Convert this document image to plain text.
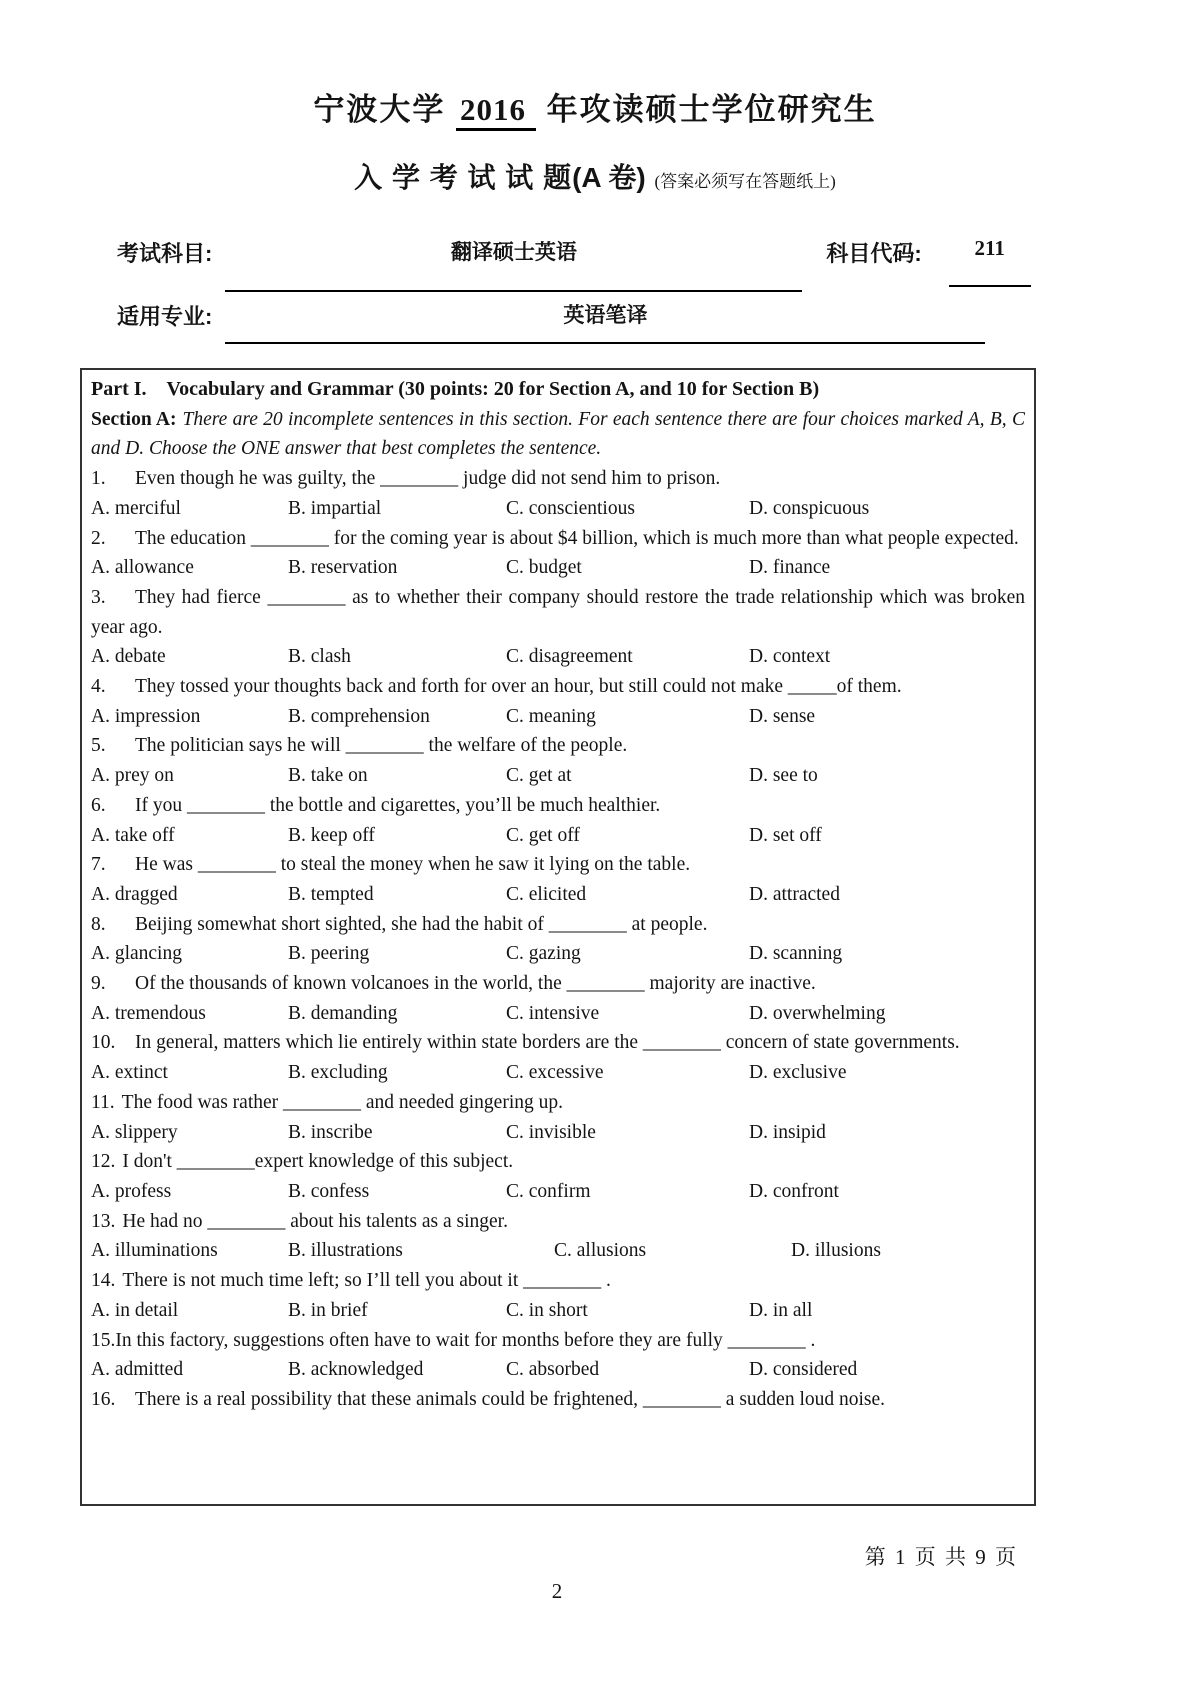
宁波大学 2016 年攻读硕士学位研究生
入 学 考 试 试 题(A 卷) (答案必须写在答题纸上)
考试科目:	翻译硕士英语	科目代码:	211
适用专业:	英语笔译

Part I. Vocabulary and Grammar (30 points: 20 for Section A, and 10 for Section B)

Section A: There are 20 incomplete sentences in this section. For each sentence there are four choices marked A, B, C and D. Choose the ONE answer that best completes the sentence.

1. Even though he was guilty, the ________ judge did not send him to prison.

A. merciful	B. impartial	C. conscientious	D. conspicuous

2. The education ________ for the coming year is about $4 billion, which is much more than what people expected.

A. allowance	B. reservation	C. budget	D. finance

3. They had fierce ________ as to whether their company should restore the trade relationship which was broken year ago.

A. debate	B. clash	C. disagreement	D. context

4. They tossed your thoughts back and forth for over an hour, but still could not make _____of them.

A. impression	B. comprehension	C. meaning	D. sense

5. The politician says he will ________ the welfare of the people.

A. prey on	B. take on	C. get at	D. see to

6. If you ________ the bottle and cigarettes, you’ll be much healthier.

A. take off	B. keep off	C. get off	D. set off

7. He was ________ to steal the money when he saw it lying on the table.

A. dragged	B. tempted	C. elicited	D. attracted

8. Beijing somewhat short sighted, she had the habit of ________ at people.

A. glancing	B. peering	C. gazing	D. scanning

9. Of the thousands of known volcanoes in the world, the ________ majority are inactive.

A. tremendous	B. demanding	C. intensive	D. overwhelming

10. In general, matters which lie entirely within state borders are the ________ concern of state governments.

A. extinct	B. excluding	C. excessive	D. exclusive

11. The food was rather ________ and needed gingering up.

A. slippery	B. inscribe	C. invisible	D. insipid

12. I don't ________expert knowledge of this subject.

A. profess	B. confess	C. confirm	D. confront

13. He had no ________ about his talents as a singer.

A. illuminations	B. illustrations	C. allusions	D. illusions

14. There is not much time left; so I’ll tell you about it ________ .

A. in detail	B. in brief	C. in short	D. in all

15.In this factory, suggestions often have to wait for months before they are fully ________ .

A. admitted	B. acknowledged	C. absorbed	D. considered

16. There is a real possibility that these animals could be frightened, ________ a sudden loud noise.

第 1 页 共 9 页
2
